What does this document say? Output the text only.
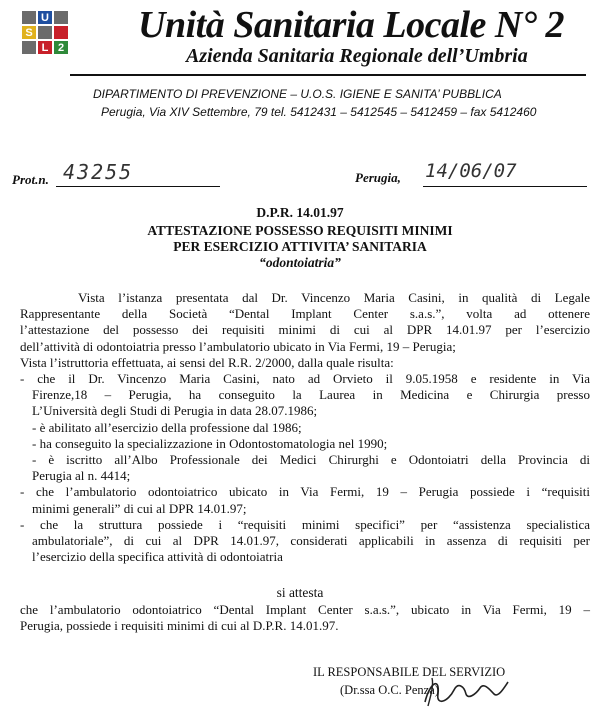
U
S
L 2
Unità Sanitaria Locale N° 2
Azienda Sanitaria Regionale dell’Umbria
DIPARTIMENTO DI PREVENZIONE – U.O.S. IGIENE E SANITA’ PUBBLICA
Perugia, Via XIV Settembre, 79 tel. 5412431 – 5412545 – 5412459 – fax 5412460
Prot.n. 43255	Perugia, 14/06/07
D.P.R. 14.01.97
ATTESTAZIONE POSSESSO REQUISITI MINIMI
PER ESERCIZIO ATTIVITA’ SANITARIA
“odontoiatria”
Vista l’istanza presentata dal Dr. Vincenzo Maria Casini, in qualità di Legale
Rappresentante della Società “Dental Implant Center s.a.s.”, volta ad ottenere
l’attestazione del possesso dei requisiti minimi di cui al DPR 14.01.97 per l’esercizio
dell’attività di odontoiatria presso l’ambulatorio ubicato in Via Fermi, 19 – Perugia;
Vista l’istruttoria effettuata, ai sensi del R.R. 2/2000, dalla quale risulta:
- che il Dr. Vincenzo Maria Casini, nato ad Orvieto il 9.05.1958 e residente in Via
Firenze,18 – Perugia, ha conseguito la Laurea in Medicina e Chirurgia presso
L’Università degli Studi di Perugia in data 28.07.1986;
- è abilitato all’esercizio della professione dal 1986;
- ha conseguito la specializzazione in Odontostomatologia nel 1990;
- è iscritto all’Albo Professionale dei Medici Chirurghi e Odontoiatri della Provincia di
Perugia al n. 4414;
- che l’ambulatorio odontoiatrico ubicato in Via Fermi, 19 – Perugia possiede i “requisiti
minimi generali” di cui al DPR 14.01.97;
- che la struttura possiede i “requisiti minimi specifici” per “assistenza specialistica
ambulatoriale”, di cui al DPR 14.01.97, considerati applicabili in assenza di requisiti per
l’esercizio della specifica attività di odontoiatria
si attesta
che l’ambulatorio odontoiatrico “Dental Implant Center s.a.s.”, ubicato in Via Fermi, 19 –
Perugia, possiede i requisiti minimi di cui al D.P.R. 14.01.97.
IL RESPONSABILE DEL SERVIZIO
(Dr.ssa O.C. Penza)
